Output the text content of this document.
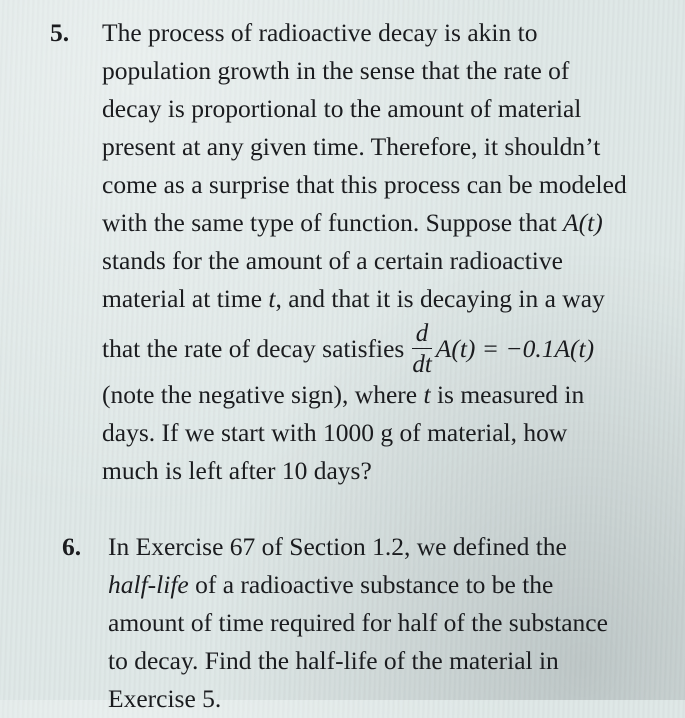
5. The process of radioactive decay is akin to
population growth in the sense that the rate of
decay is proportional to the amount of material
present at any given time. Therefore, it shouldn’t
come as a surprise that this process can be modeled
with the same type of function. Suppose that A(t)
stands for the amount of a certain radioactive
material at time t, and that it is decaying in a way
that the rate of decay satisfies $\frac{d}{dt} A(t) = -0.1A(t)$
(note the negative sign), where t is measured in
days. If we start with 1000 g of material, how
much is left after 10 days?
6. In Exercise 67 of Section 1.2, we defined the
half-life of a radioactive substance to be the
amount of time required for half of the substance
to decay. Find the half-life of the material in
Exercise 5.
